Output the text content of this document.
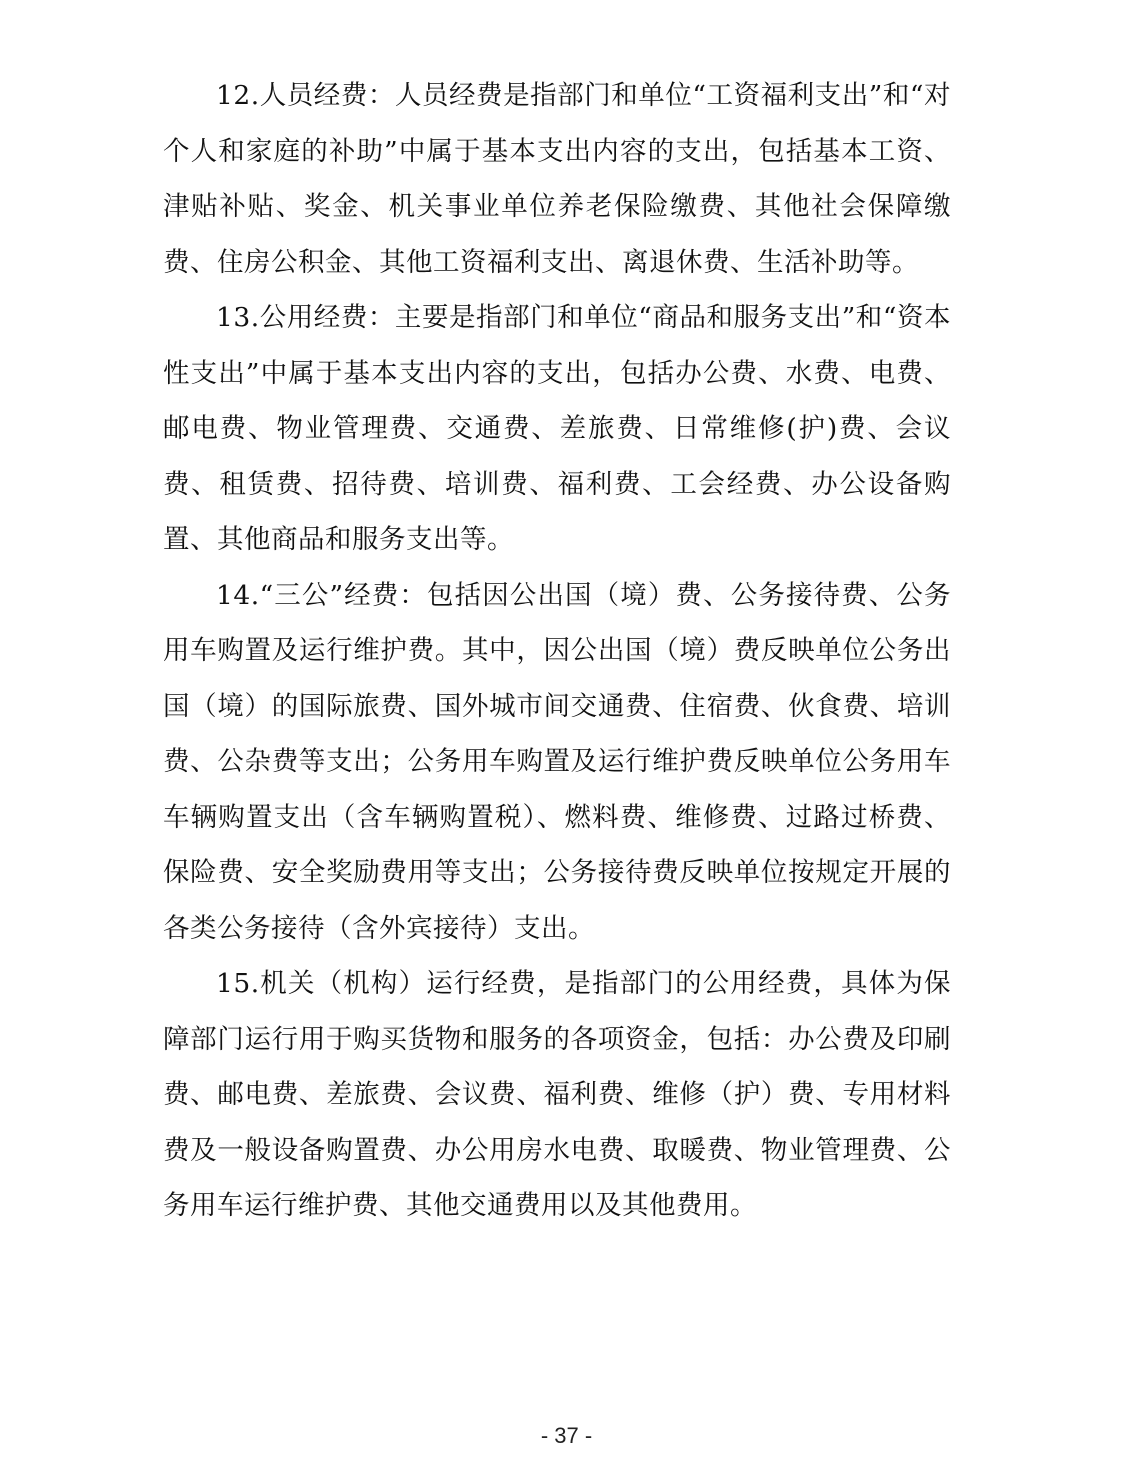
12.人员经费：人员经费是指部门和单位“工资福利支出”和“对个人和家庭的补助”中属于基本支出内容的支出，包括基本工资、津贴补贴、奖金、机关事业单位养老保险缴费、其他社会保障缴费、住房公积金、其他工资福利支出、离退休费、生活补助等。

13.公用经费：主要是指部门和单位“商品和服务支出”和“资本性支出”中属于基本支出内容的支出，包括办公费、水费、电费、邮电费、物业管理费、交通费、差旅费、日常维修(护)费、会议费、租赁费、招待费、培训费、福利费、工会经费、办公设备购置、其他商品和服务支出等。

14.“三公”经费：包括因公出国（境）费、公务接待费、公务用车购置及运行维护费。其中，因公出国（境）费反映单位公务出国（境）的国际旅费、国外城市间交通费、住宿费、伙食费、培训费、公杂费等支出；公务用车购置及运行维护费反映单位公务用车车辆购置支出（含车辆购置税）、燃料费、维修费、过路过桥费、保险费、安全奖励费用等支出；公务接待费反映单位按规定开展的各类公务接待（含外宾接待）支出。

15.机关（机构）运行经费，是指部门的公用经费，具体为保障部门运行用于购买货物和服务的各项资金，包括：办公费及印刷费、邮电费、差旅费、会议费、福利费、维修（护）费、专用材料费及一般设备购置费、办公用房水电费、取暖费、物业管理费、公务用车运行维护费、其他交通费用以及其他费用。

- 37 -
